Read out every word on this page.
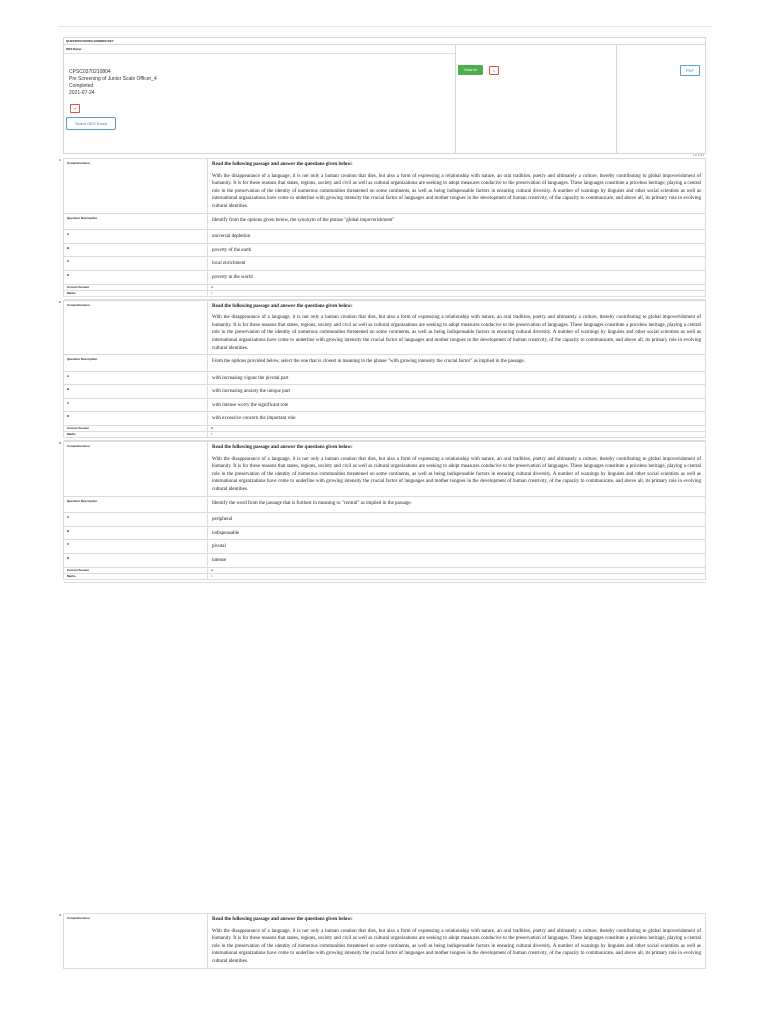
QUESTION PAPER ANSWER KEY
OES Name
CPSC0370210804
Pre Screening of Junior Scale Officer_4
Completed
2021-07-24
x
Select OES Exam
Search	x	PDF
1 to 4 of 4
1
Comprehension	Read the following passage and answer the questions given below:
With the disappearance of a language, it is not only a human creation that dies, but also a form of expressing a relationship with nature, an oral tradition, poetry and ultimately a culture, thereby contributing to global impoverishment of humanity. It is for these reasons that states, regions, society and civil as well as cultural organizations are seeking to adopt measures conducive to the preservation of languages. These languages constitute a priceless heritage, playing a central role in the preservation of the identity of numerous communities threatened on some continents, as well as being indispensable factors in ensuring cultural diversity. A number of warnings by linguists and other social scientists as well as international organizations have come to underline with growing intensity the crucial factor of languages and mother tongues in the development of human creativity, of the capacity to communicate, and above all, its primary role in evolving cultural identities.

Question Description	Identify from the options given below, the synonym of the phrase "global impoverishment"
A	universal depletion
B	poverty of the earth
C	local enrichment
D	poverty in the world
Correct Answer	A
Marks	1

2
Comprehension	Read the following passage and answer the questions given below:
With the disappearance of a language, it is not only a human creation that dies, but also a form of expressing a relationship with nature, an oral tradition, poetry and ultimately a culture, thereby contributing to global impoverishment of humanity. It is for these reasons that states, regions, society and civil as well as cultural organizations are seeking to adopt measures conducive to the preservation of languages. These languages constitute a priceless heritage, playing a central role in the preservation of the identity of numerous communities threatened on some continents, as well as being indispensable factors in ensuring cultural diversity. A number of warnings by linguists and other social scientists as well as international organizations have come to underline with growing intensity the crucial factor of languages and mother tongues in the development of human creativity, of the capacity to communicate, and above all, its primary role in evolving cultural identities.

Question Description	From the options provided below, select the one that is closest in meaning to the phrase "with growing intensity the crucial factor" as implied in the passage.
A	with increasing vigour the pivotal part
B	with increasing anxiety the unique part
C	with intense worry the significant role
D	with excessive concern the important role
Correct Answer	D
Marks	1

3
Comprehension	Read the following passage and answer the questions given below:
With the disappearance of a language, it is not only a human creation that dies, but also a form of expressing a relationship with nature, an oral tradition, poetry and ultimately a culture, thereby contributing to global impoverishment of humanity. It is for these reasons that states, regions, society and civil as well as cultural organizations are seeking to adopt measures conducive to the preservation of languages. These languages constitute a priceless heritage, playing a central role in the preservation of the identity of numerous communities threatened on some continents, as well as being indispensable factors in ensuring cultural diversity. A number of warnings by linguists and other social scientists as well as international organizations have come to underline with growing intensity the crucial factor of languages and mother tongues in the development of human creativity, of the capacity to communicate, and above all, its primary role in evolving cultural identities.

Question Description	Identify the word from the passage that is furthest in meaning to "central" as implied in the passage.
A	peripheral
B	indispensable
C	pivotal
D	intense
Correct Answer	A
Marks	1

4
Comprehension	Read the following passage and answer the questions given below:
With the disappearance of a language, it is not only a human creation that dies, but also a form of expressing a relationship with nature, an oral tradition, poetry and ultimately a culture, thereby contributing to global impoverishment of humanity. It is for these reasons that states, regions, society and civil as well as cultural organizations are seeking to adopt measures conducive to the preservation of languages. These languages constitute a priceless heritage, playing a central role in the preservation of the identity of numerous communities threatened on some continents, as well as being indispensable factors in ensuring cultural diversity. A number of warnings by linguists and other social scientists as well as international organizations have come to underline with growing intensity the crucial factor of languages and mother tongues in the development of human creativity, of the capacity to communicate, and above all, its primary role in evolving cultural identities.
